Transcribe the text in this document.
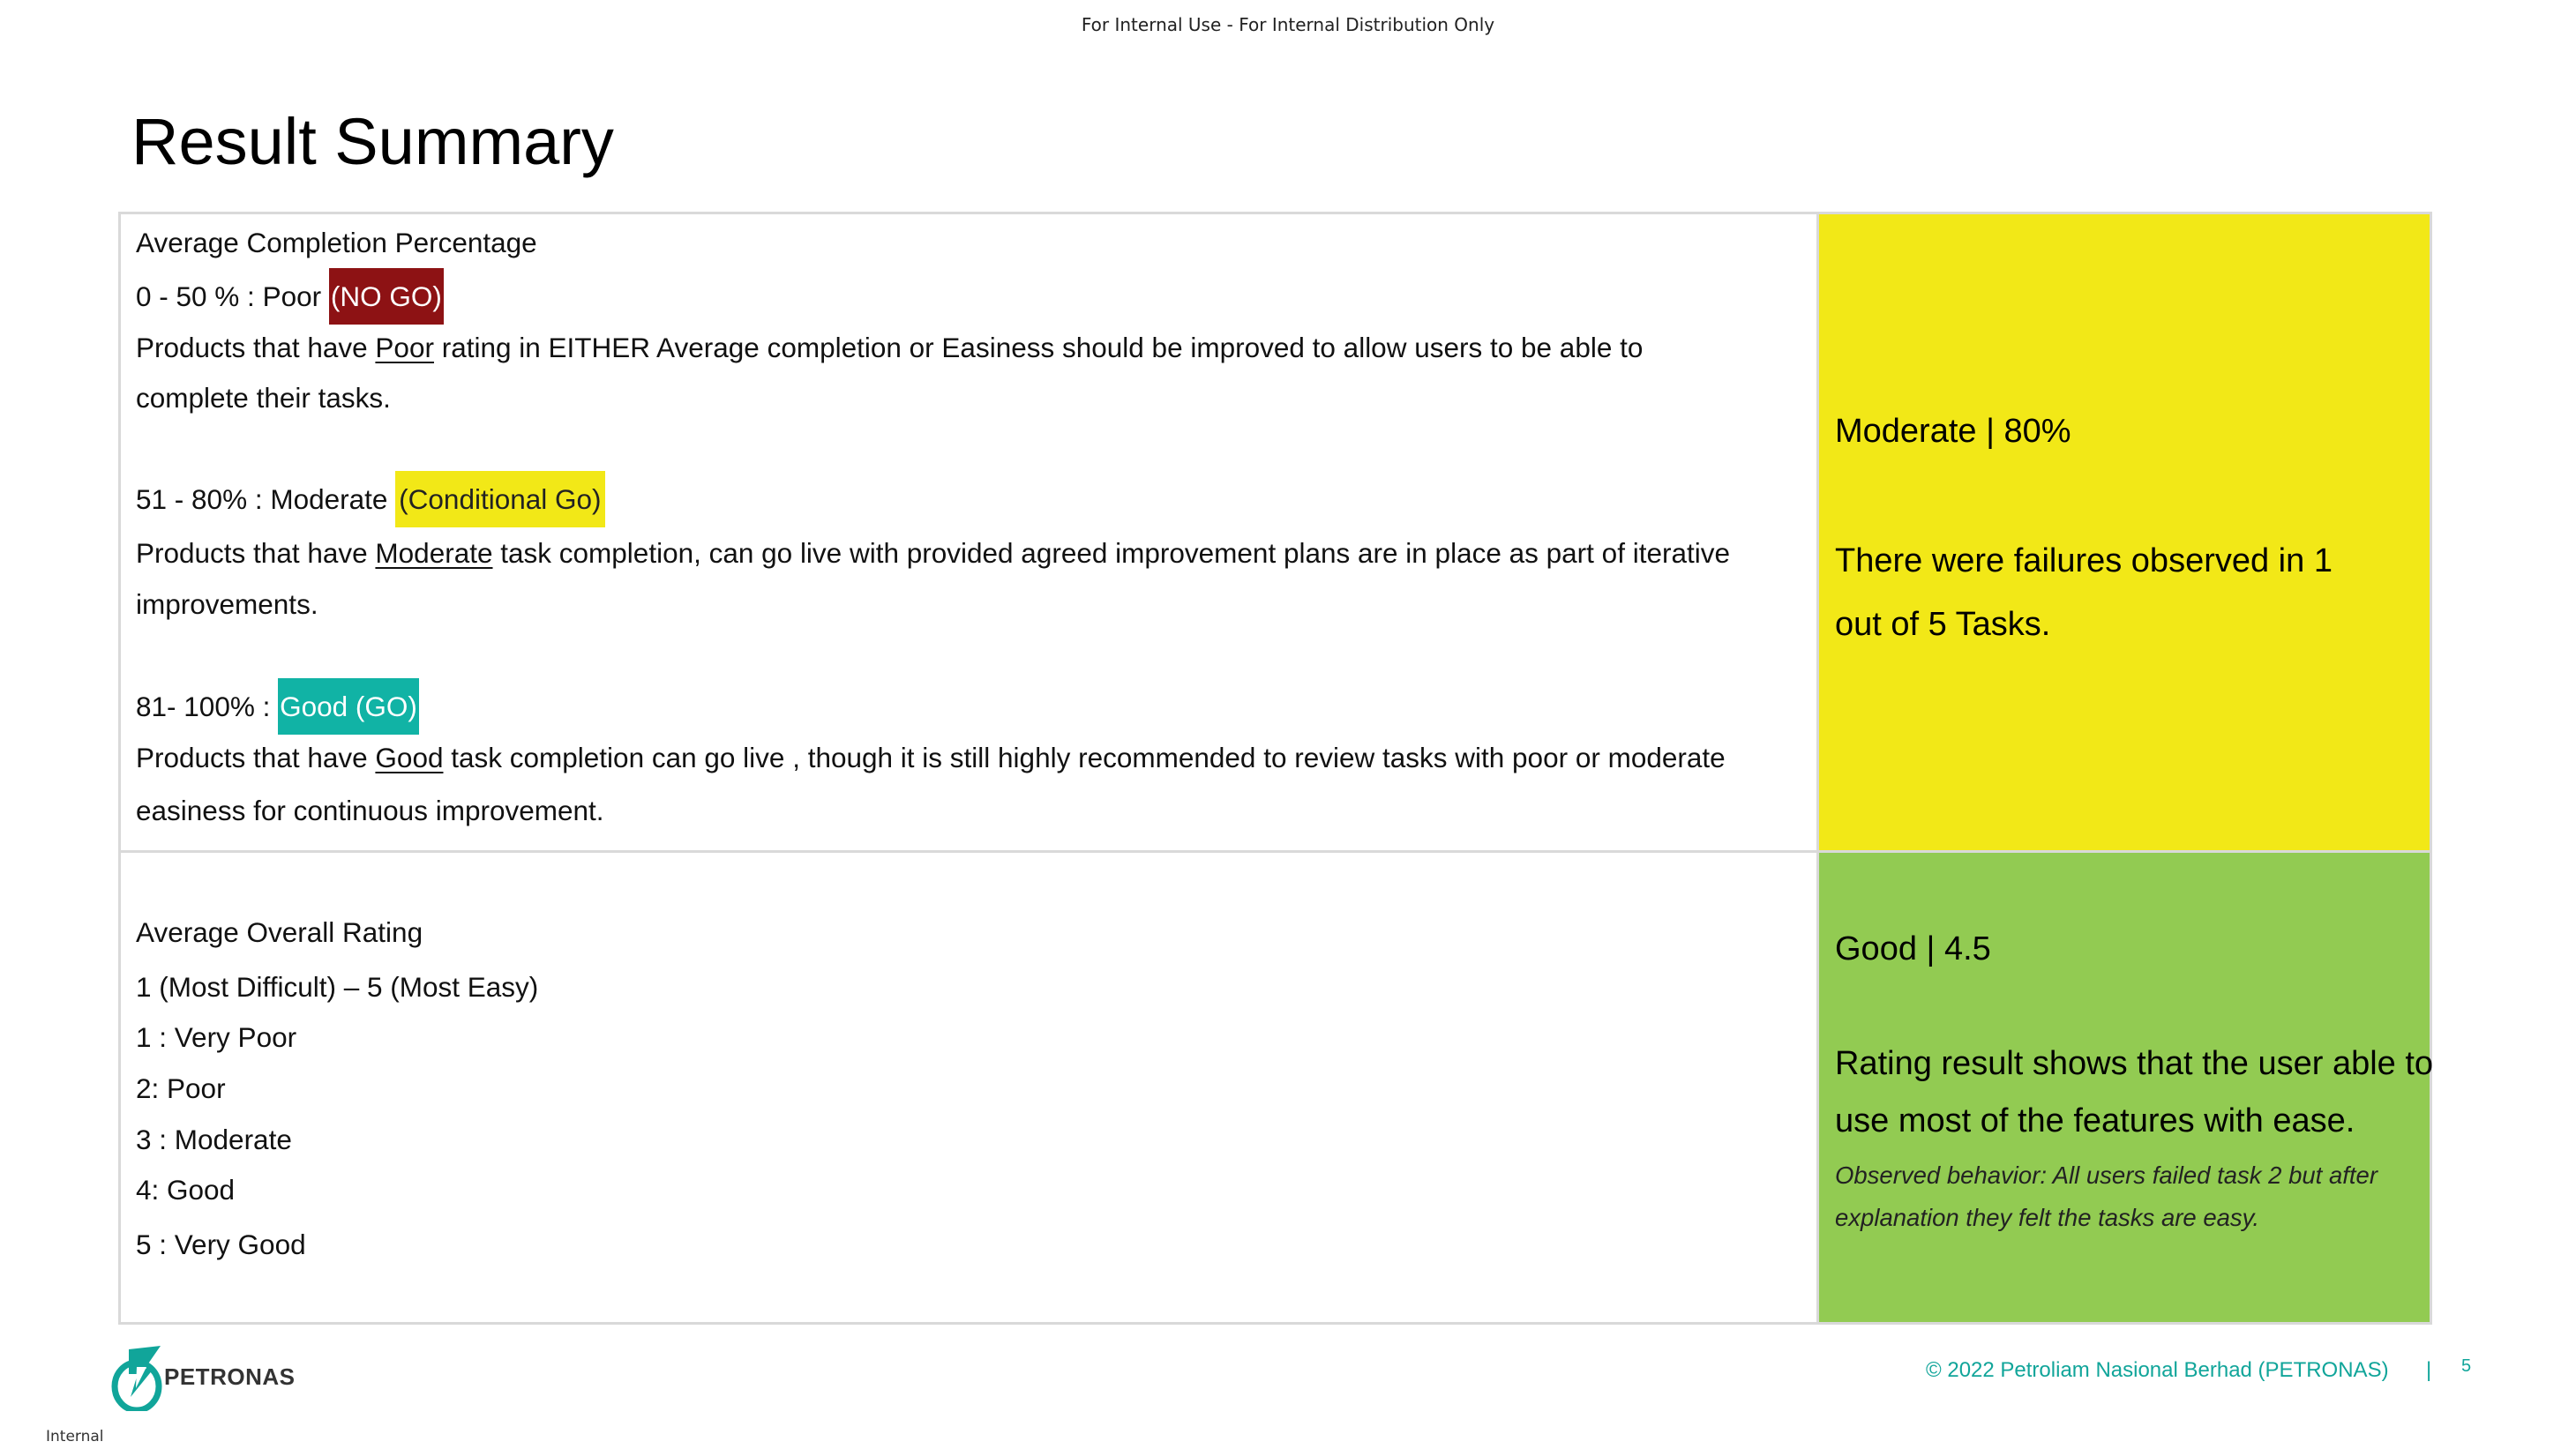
For Internal Use - For Internal Distribution Only
Result Summary
Average Completion Percentage
0 - 50 % : Poor (NO GO)
Products that have Poor rating in EITHER Average completion or Easiness should be improved to allow users to be able to
complete their tasks.
51 - 80% : Moderate (Conditional Go)
Products that have Moderate task completion, can go live with provided agreed improvement plans are in place as part of iterative
improvements.
81- 100% : Good (GO)
Products that have Good task completion can go live , though it is still highly recommended to review tasks with poor or moderate
easiness for continuous improvement.
Moderate | 80%
There were failures observed in 1
out of 5 Tasks.
Average Overall Rating
1 (Most Difficult) – 5 (Most Easy)
1 : Very Poor
2: Poor
3 : Moderate
4: Good
5 : Very Good
Good | 4.5
Rating result shows that the user able to
use most of the features with ease.
Observed behavior: All users failed task 2 but after
explanation they felt the tasks are easy.
PETRONAS	© 2022 Petroliam Nasional Berhad (PETRONAS) | 5
Internal
